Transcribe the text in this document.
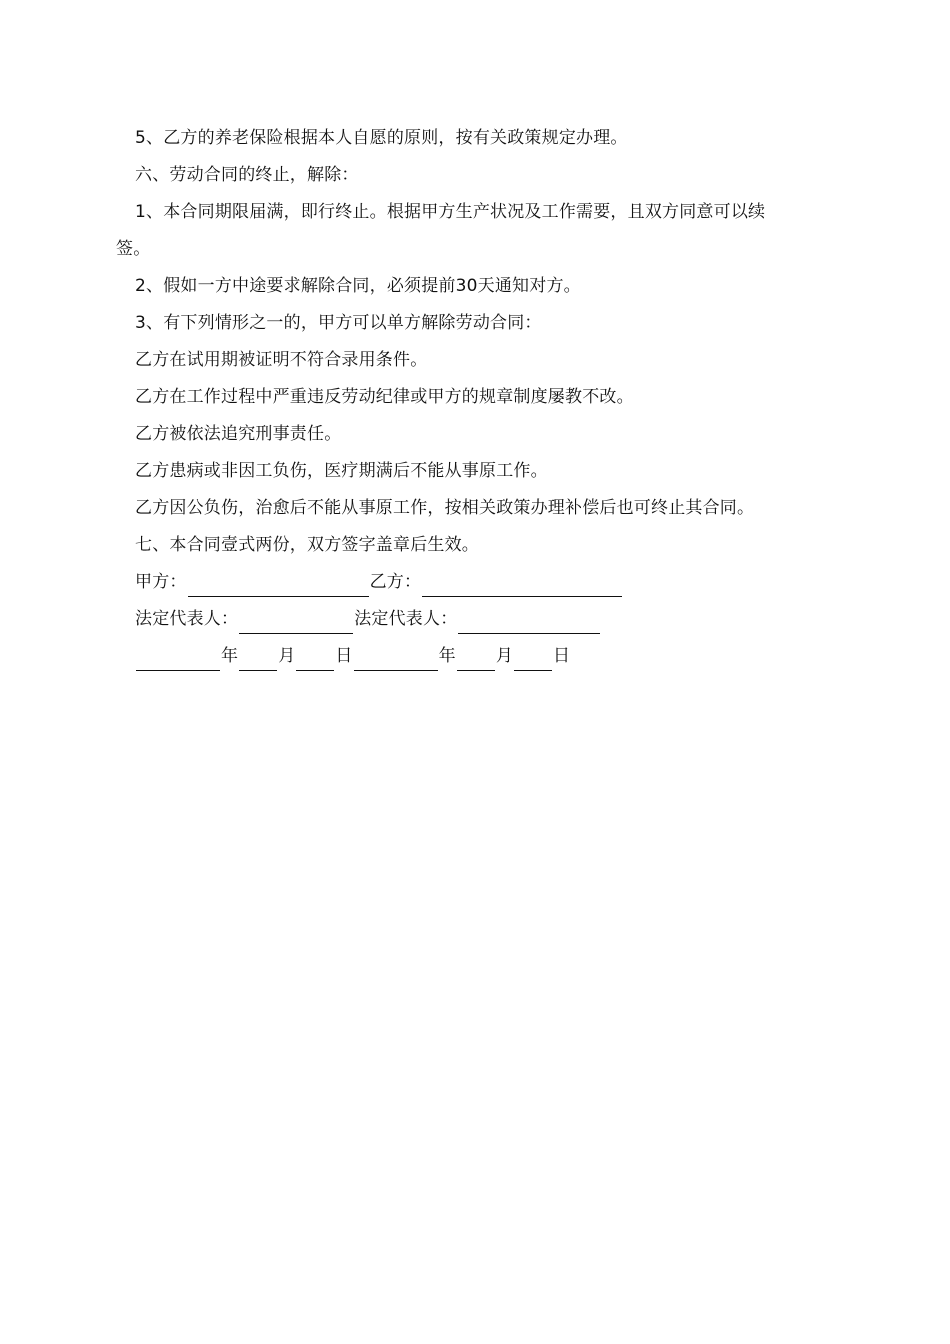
5、乙方的养老保险根据本人自愿的原则，按有关政策规定办理。
六、劳动合同的终止，解除：
1、本合同期限届满，即行终止。根据甲方生产状况及工作需要，且双方同意可以续
签。
2、假如一方中途要求解除合同，必须提前30天通知对方。
3、有下列情形之一的，甲方可以单方解除劳动合同：
乙方在试用期被证明不符合录用条件。
乙方在工作过程中严重违反劳动纪律或甲方的规章制度屡教不改。
乙方被依法追究刑事责任。
乙方患病或非因工负伤，医疗期满后不能从事原工作。
乙方因公负伤，治愈后不能从事原工作，按相关政策办理补偿后也可终止其合同。
七、本合同壹式两份，双方签字盖章后生效。
甲方：	乙方：
法定代表人：	法定代表人：
年 月 日	年 月 日
